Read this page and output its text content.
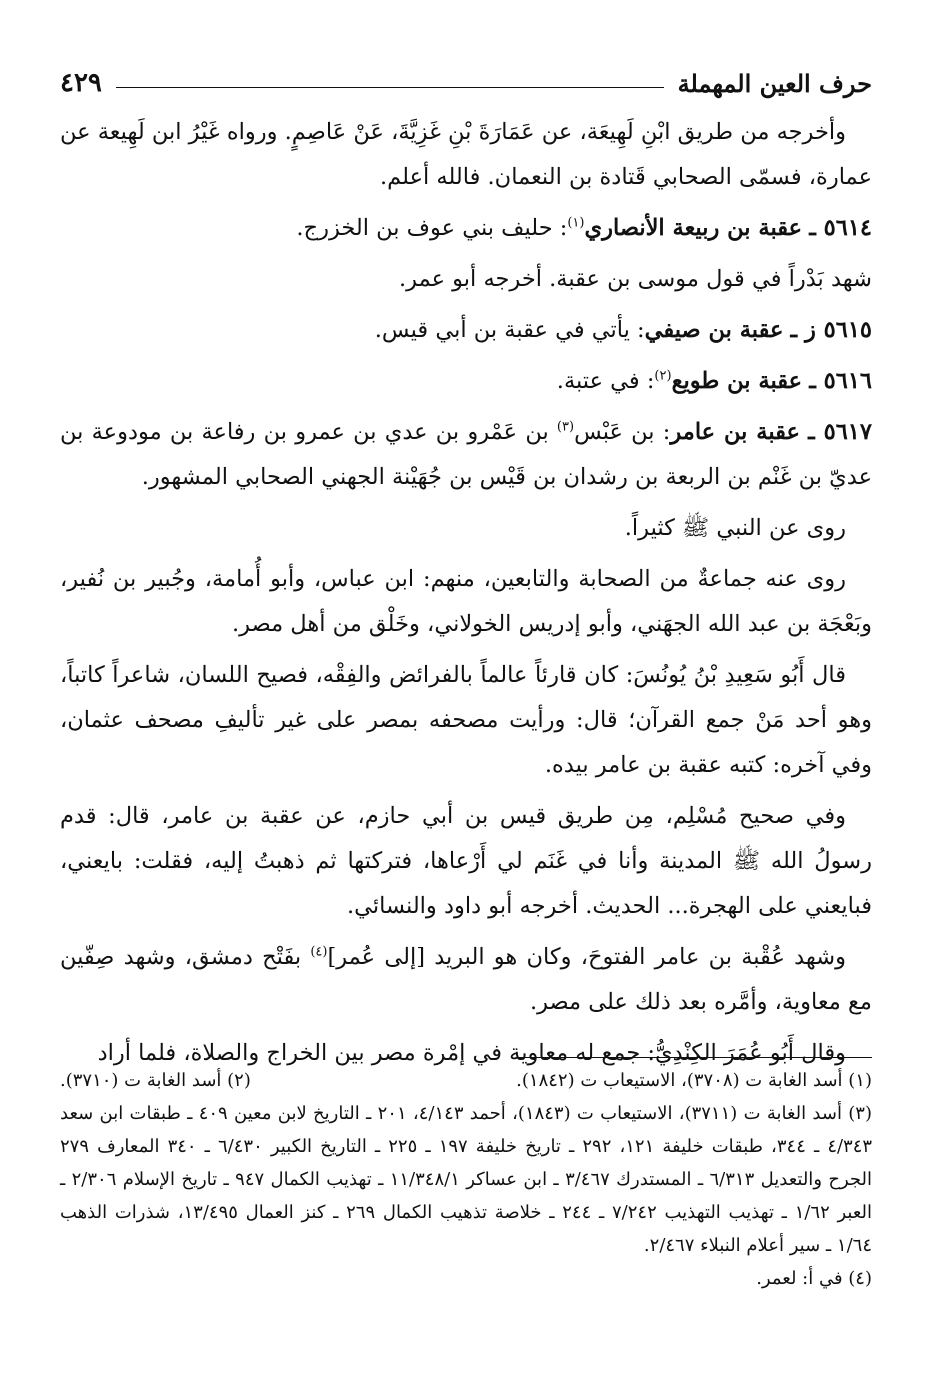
حرف العين المهملة
٤٢٩

وأخرجه من طريق ابْنِ لَهِيعَة، عن عَمَارَةَ بْنِ غَزِيَّةَ، عَنْ عَاصِمٍ. ورواه غَيْرُ ابن لَهِيعة عن عمارة، فسمّى الصحابي قَتادة بن النعمان. فالله أعلم.

٥٦١٤ ـ عقبة بن ربيعة الأنصاري$^{(١)}$: حليف بني عوف بن الخزرج.

شهد بَدْراً في قول موسى بن عقبة. أخرجه أبو عمر.

٥٦١٥ ز ـ عقبة بن صيفي: يأتي في عقبة بن أبي قيس.

٥٦١٦ ـ عقبة بن طويع$^{(٢)}$: في عتبة.

٥٦١٧ ـ عقبة بن عامر: بن عَبْس$^{(٣)}$ بن عَمْرو بن عدي بن عمرو بن رفاعة بن مودوعة بن عديّ بن غَنْم بن الربعة بن رشدان بن قَيْس بن جُهَيْنة الجهني الصحابي المشهور.

روى عن النبي ﷺ كثيراً.

روى عنه جماعةٌ من الصحابة والتابعين، منهم: ابن عباس، وأبو أُمامة، وجُبير بن نُفير، وبَعْجَة بن عبد الله الجهَني، وأبو إدريس الخولاني، وخَلْق من أهل مصر.

قال أَبُو سَعِيدِ بْنُ يُونُسَ: كان قارئاً عالماً بالفرائض والفِقْه، فصيح اللسان، شاعراً كاتباً، وهو أحد مَنْ جمع القرآن؛ قال: ورأيت مصحفه بمصر على غير تأليفِ مصحف عثمان، وفي آخره: كتبه عقبة بن عامر بيده.

وفي صحيح مُسْلِم، مِن طريق قيس بن أبي حازم، عن عقبة بن عامر، قال: قدم رسولُ الله ﷺ المدينة وأنا في غَنَم لي أَرْعاها، فتركتها ثم ذهبتُ إليه، فقلت: بايعني، فبايعني على الهجرة... الحديث. أخرجه أبو داود والنسائي.

وشهد عُقْبة بن عامر الفتوحَ، وكان هو البريد [إلى عُمر]$^{(٤)}$ بفَتْح دمشق، وشهد صِفّين مع معاوية، وأمَّره بعد ذلك على مصر.

وقال أَبُو عُمَرَ الكِنْدِيُّ: جمع له معاوية في إمْرة مصر بين الخراج والصلاة، فلما أراد

(١) أسد الغابة ت (٣٧٠٨)، الاستيعاب ت (١٨٤٢).
(٢) أسد الغابة ت (٣٧١٠).

(٣) أسد الغابة ت (٣٧١١)، الاستيعاب ت (١٨٤٣)، أحمد ٤/١٤٣، ٢٠١ ـ التاريخ لابن معين ٤٠٩ ـ طبقات ابن سعد ٤/٣٤٣ ـ ٣٤٤، طبقات خليفة ١٢١، ٢٩٢ ـ تاريخ خليفة ١٩٧ ـ ٢٢٥ ـ التاريخ الكبير ٦/٤٣٠ ـ ٣٤٠ المعارف ٢٧٩ الجرح والتعديل ٦/٣١٣ ـ المستدرك ٣/٤٦٧ ـ ابن عساكر ١١/٣٤٨/١ ـ تهذيب الكمال ٩٤٧ ـ تاريخ الإسلام ٢/٣٠٦ ـ العبر ١/٦٢ ـ تهذيب التهذيب ٧/٢٤٢ ـ ٢٤٤ ـ خلاصة تذهيب الكمال ٢٦٩ ـ كنز العمال ١٣/٤٩٥، شذرات الذهب ١/٦٤ ـ سير أعلام النبلاء ٢/٤٦٧.

(٤) في أ: لعمر.
